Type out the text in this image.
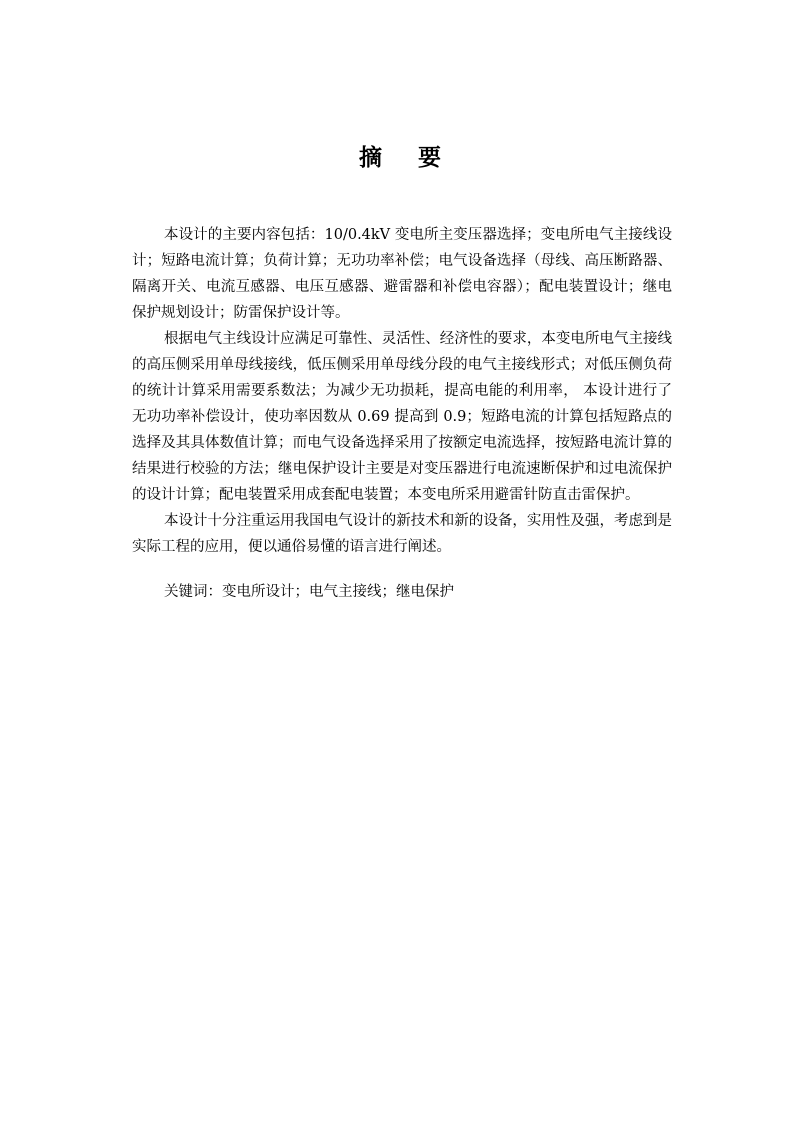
摘 要

本设计的主要内容包括：10/0.4kV 变电所主变压器选择；变电所电气主接线设计；短路电流计算；负荷计算；无功功率补偿；电气设备选择（母线、高压断路器、隔离开关、电流互感器、电压互感器、避雷器和补偿电容器）；配电装置设计；继电保护规划设计；防雷保护设计等。

根据电气主线设计应满足可靠性、灵活性、经济性的要求，本变电所电气主接线的高压侧采用单母线接线，低压侧采用单母线分段的电气主接线形式；对低压侧负荷的统计计算采用需要系数法；为减少无功损耗，提高电能的利用率， 本设计进行了无功功率补偿设计，使功率因数从 0.69 提高到 0.9；短路电流的计算包括短路点的选择及其具体数值计算；而电气设备选择采用了按额定电流选择，按短路电流计算的结果进行校验的方法；继电保护设计主要是对变压器进行电流速断保护和过电流保护的设计计算；配电装置采用成套配电装置；本变电所采用避雷针防直击雷保护。

本设计十分注重运用我国电气设计的新技术和新的设备，实用性及强，考虑到是实际工程的应用，便以通俗易懂的语言进行阐述。

关键词：变电所设计；电气主接线；继电保护
